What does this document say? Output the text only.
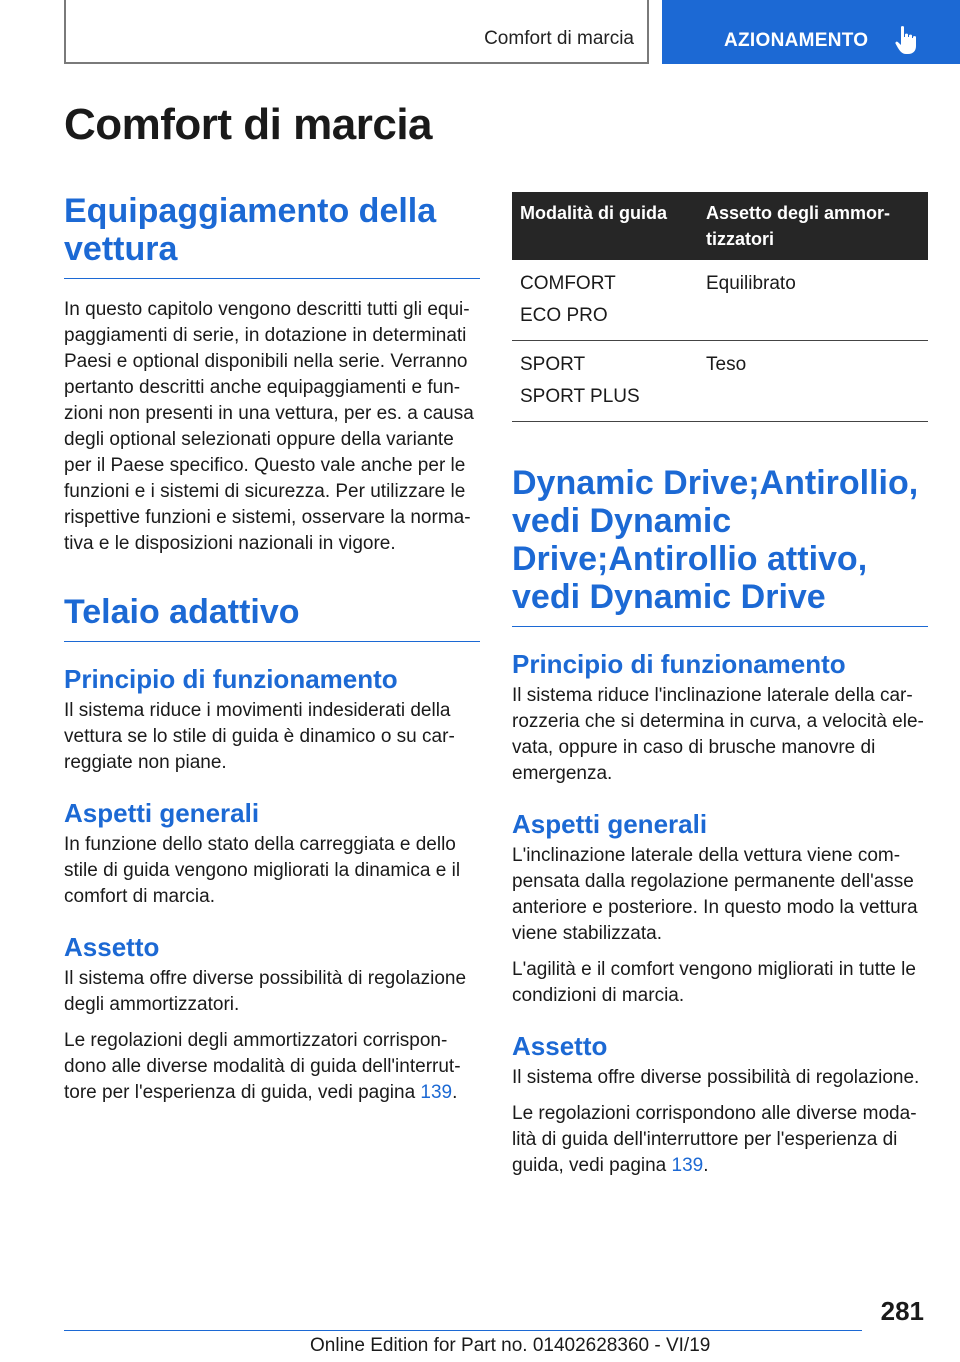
Comfort di marcia	AZIONAMENTO
Comfort di marcia
Equipaggiamento della vettura

In questo capitolo vengono descritti tutti gli equipaggiamenti di serie, in dotazione in determinati Paesi e optional disponibili nella serie. Verranno pertanto descritti anche equipaggiamenti e funzioni non presenti in una vettura, per es. a causa degli optional selezionati oppure della variante per il Paese specifico. Questo vale anche per le funzioni e i sistemi di sicurezza. Per utilizzare le rispettive funzioni e sistemi, osservare la normativa e le disposizioni nazionali in vigore.

Telaio adattivo
Principio di funzionamento

Il sistema riduce i movimenti indesiderati della vettura se lo stile di guida è dinamico o su carreggiate non piane.

Aspetti generali

In funzione dello stato della carreggiata e dello stile di guida vengono migliorati la dinamica e il comfort di marcia.

Assetto

Il sistema offre diverse possibilità di regolazione degli ammortizzatori.

Le regolazioni degli ammortizzatori corrispondono alle diverse modalità di guida dell'interruttore per l'esperienza di guida, vedi pagina 139.

Modalità di guida	Assetto degli ammortizzatori

COMFORT
ECO PRO	Equilibrato

SPORT
SPORT PLUS	Teso
Dynamic Drive;Antirollio, vedi Dynamic Drive;Antirollio attivo, vedi Dynamic Drive
Principio di funzionamento

Il sistema riduce l'inclinazione laterale della carrozzeria che si determina in curva, a velocità elevata, oppure in caso di brusche manovre di emergenza.

Aspetti generali

L'inclinazione laterale della vettura viene compensata dalla regolazione permanente dell'asse anteriore e posteriore. In questo modo la vettura viene stabilizzata.

L'agilità e il comfort vengono migliorati in tutte le condizioni di marcia.

Assetto

Il sistema offre diverse possibilità di regolazione.

Le regolazioni corrispondono alle diverse modalità di guida dell'interruttore per l'esperienza di guida, vedi pagina 139.

281
Online Edition for Part no. 01402628360 - VI/19
